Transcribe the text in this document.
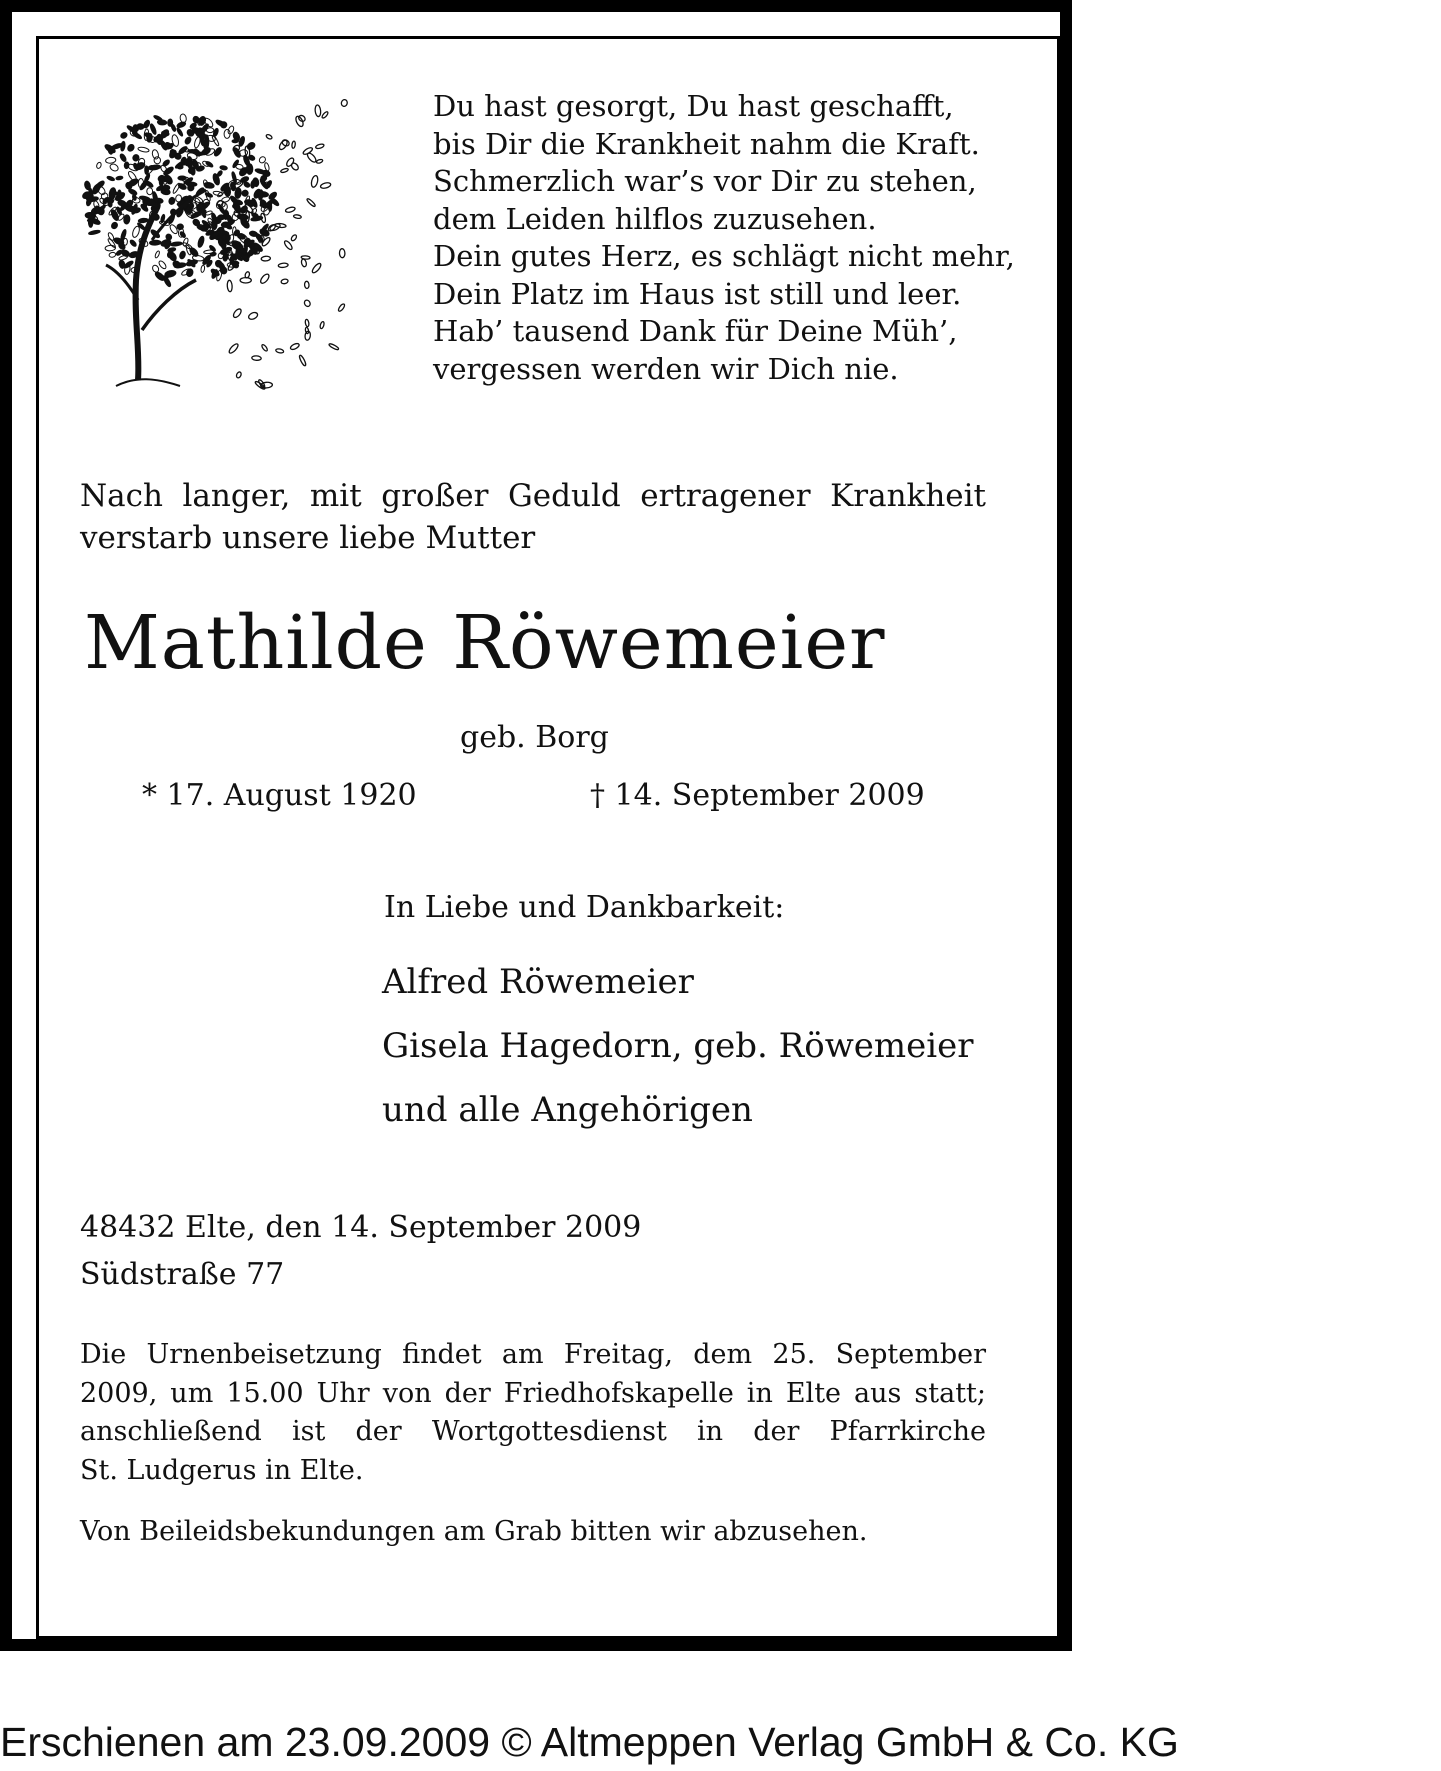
Du hast gesorgt, Du hast geschafft,
bis Dir die Krankheit nahm die Kraft.
Schmerzlich war’s vor Dir zu stehen,
dem Leiden hilflos zuzusehen.
Dein gutes Herz, es schlägt nicht mehr,
Dein Platz im Haus ist still und leer.
Hab’ tausend Dank für Deine Müh’,
vergessen werden wir Dich nie.
Nach langer, mit großer Geduld ertragener Krankheit
verstarb unsere liebe Mutter
Mathilde Röwemeier
geb. Borg
* 17. August 1920	† 14. September 2009
In Liebe und Dankbarkeit:
Alfred Röwemeier
Gisela Hagedorn, geb. Röwemeier
und alle Angehörigen
48432 Elte, den 14. September 2009
Südstraße 77
Die Urnenbeisetzung findet am Freitag, dem 25. September
2009, um 15.00 Uhr von der Friedhofskapelle in Elte aus statt;
anschließend ist der Wortgottesdienst in der Pfarrkirche
St. Ludgerus in Elte.
Von Beileidsbekundungen am Grab bitten wir abzusehen.
Erschienen am 23.09.2009 © Altmeppen Verlag GmbH & Co. KG
